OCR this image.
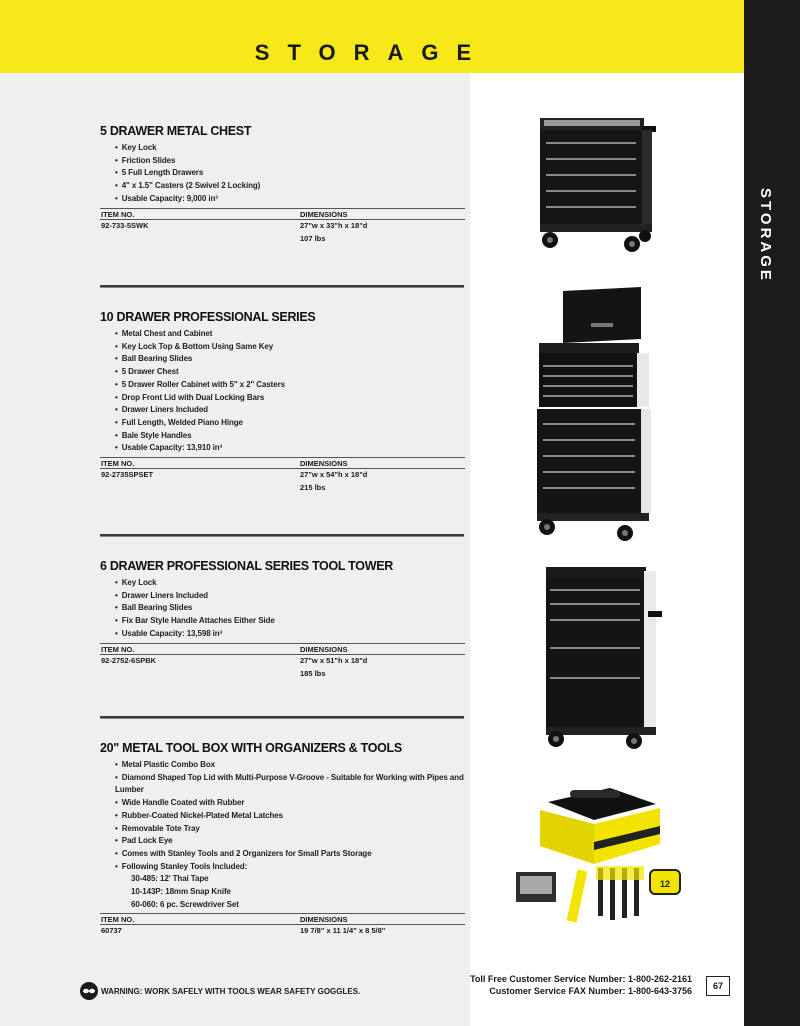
STORAGE
STORAGE
5 DRAWER METAL CHEST
• Key Lock
• Friction Slides
• 5 Full Length Drawers
• 4" x 1.5" Casters (2 Swivel 2 Locking)
• Usable Capacity: 9,000 in³
ITEM NO.	DIMENSIONS
92-733-5SWK	27"w x 33"h x 18"d
107 lbs
10 DRAWER PROFESSIONAL SERIES
• Metal Chest and Cabinet
• Key Lock Top & Bottom Using Same Key
• Ball Bearing Slides
• 5 Drawer Chest
• 5 Drawer Roller Cabinet with 5" x 2" Casters
• Drop Front Lid with Dual Locking Bars
• Drawer Liners Included
• Full Length, Welded Piano Hinge
• Bale Style Handles
• Usable Capacity: 13,910 in³
ITEM NO.	DIMENSIONS
92-2735SPSET	27"w x 54"h x 18"d
215 lbs
6 DRAWER PROFESSIONAL SERIES TOOL TOWER
• Key Lock
• Drawer Liners Included
• Ball Bearing Slides
• Fix Bar Style Handle Attaches Either Side
• Usable Capacity: 13,598 in³
ITEM NO.	DIMENSIONS
92-2752-6SPBK	27"w x 51"h x 18"d
185 lbs
20" METAL TOOL BOX WITH ORGANIZERS & TOOLS
• Metal Plastic Combo Box
• Diamond Shaped Top Lid with Multi-Purpose V-Groove - Suitable for Working with Pipes and Lumber
• Wide Handle Coated with Rubber
• Rubber-Coated Nickel-Plated Metal Latches
• Removable Tote Tray
• Pad Lock Eye
• Comes with Stanley Tools and 2 Organizers for Small Parts Storage
• Following Stanley Tools Included:
30-485: 12' Thai Tape
10-143P: 18mm Snap Knife
60-060: 6 pc. Screwdriver Set
ITEM NO.	DIMENSIONS
60737	19 7/8" x 11 1/4" x 8 5/8"
12
WARNING: WORK SAFELY WITH TOOLS WEAR SAFETY GOGGLES.
Toll Free Customer Service Number: 1-800-262-2161
Customer Service FAX Number: 1-800-643-3756	67
